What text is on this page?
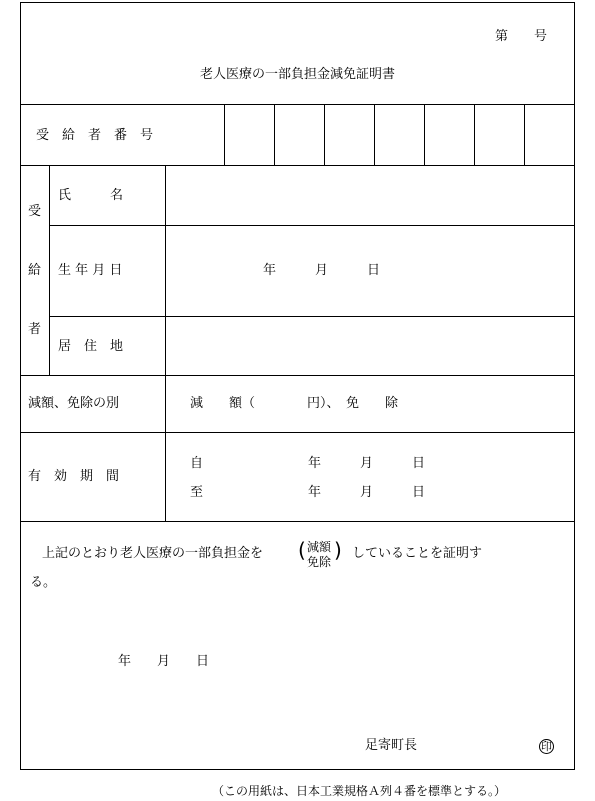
第　　号
老人医療の一部負担金減免証明書
受　給　者　番　号
受
給
者
氏　　　名
生 年 月 日	年　　　月　　　日
居　住　地
減額、免除の別	減　　額（　　　　円）、　免　　除
有　効　期　間
自	年　　　月　　　日
至	年　　　月　　　日
上記のとおり老人医療の一部負担金を ( 減額
免除 ) していることを証明す
る。
年　　月　　日
足寄町長	印
（この用紙は、日本工業規格Ａ列４番を標準とする。）
